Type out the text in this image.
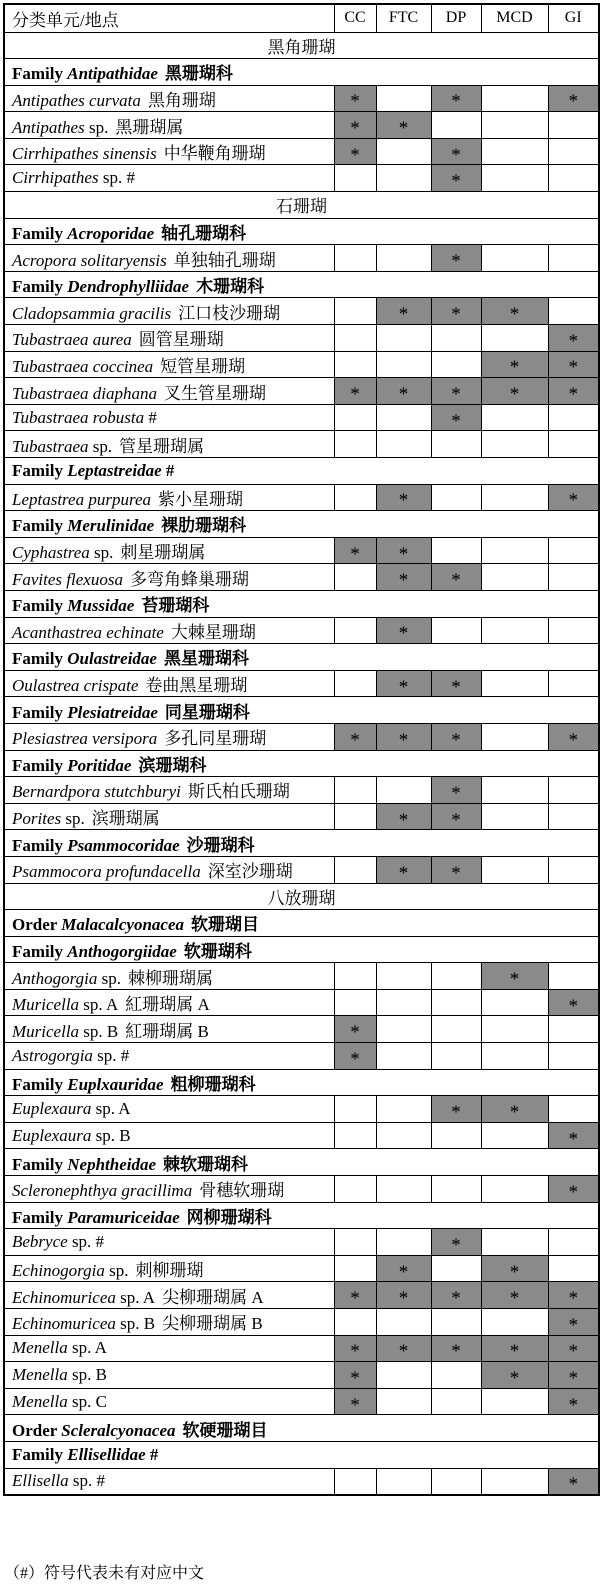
分类单元/地点	CC	FTC	DP	MCD	GI
黑角珊瑚					
Family Antipathidae 黑珊瑚科					
Antipathes curvata 黑角珊瑚	*		*		*
Antipathes sp. 黑珊瑚属	*	*			
Cirrhipathes sinensis 中华鞭角珊瑚	*		*		
Cirrhipathes sp. #			*		
石珊瑚					
Family Acroporidae 轴孔珊瑚科					
Acropora solitaryensis 单独轴孔珊瑚			*		
Family Dendrophylliidae 木珊瑚科					
Cladopsammia gracilis 江口枝沙珊瑚		*	*	*	
Tubastraea aurea 圆管星珊瑚					*
Tubastraea coccinea 短管星珊瑚				*	*
Tubastraea diaphana 叉生管星珊瑚	*	*	*	*	*
Tubastraea robusta #			*		
Tubastraea sp. 管星珊瑚属					
Family Leptastreidae #					
Leptastrea purpurea 紫小星珊瑚		*			*
Family Merulinidae 裸肋珊瑚科					
Cyphastrea sp. 刺星珊瑚属	*	*			
Favites flexuosa 多弯角蜂巢珊瑚		*	*		
Family Mussidae 苔珊瑚科					
Acanthastrea echinate 大棘星珊瑚		*			
Family Oulastreidae 黑星珊瑚科					
Oulastrea crispate 卷曲黑星珊瑚		*	*		
Family Plesiatreidae 同星珊瑚科					
Plesiastrea versipora 多孔同星珊瑚	*	*	*		*
Family Poritidae 滨珊瑚科					
Bernardpora stutchburyi 斯氏柏氏珊瑚			*		
Porites sp. 滨珊瑚属		*	*		
Family Psammocoridae 沙珊瑚科					
Psammocora profundacella 深室沙珊瑚		*	*		
八放珊瑚					
Order Malacalcyonacea 软珊瑚目					
Family Anthogorgiidae 软珊瑚科					
Anthogorgia sp. 棘柳珊瑚属				*	
Muricella sp. A 紅珊瑚属 A					*
Muricella sp. B 紅珊瑚属 B	*				
Astrogorgia sp. #	*				
Family Euplxauridae 粗柳珊瑚科					
Euplexaura sp. A			*	*	
Euplexaura sp. B					*
Family Nephtheidae 棘软珊瑚科					
Scleronephthya gracillima 骨穗软珊瑚					*
Family Paramuriceidae 网柳珊瑚科					
Bebryce sp. #			*		
Echinogorgia sp. 刺柳珊瑚		*		*	
Echinomuricea sp. A 尖柳珊瑚属 A	*	*	*	*	*
Echinomuricea sp. B 尖柳珊瑚属 B					*
Menella sp. A	*	*	*	*	*
Menella sp. B	*			*	*
Menella sp. C	*				*
Order Scleralcyonacea 软硬珊瑚目					
Family Ellisellidae #					
Ellisella sp. #					*
（#）符号代表未有对应中文
